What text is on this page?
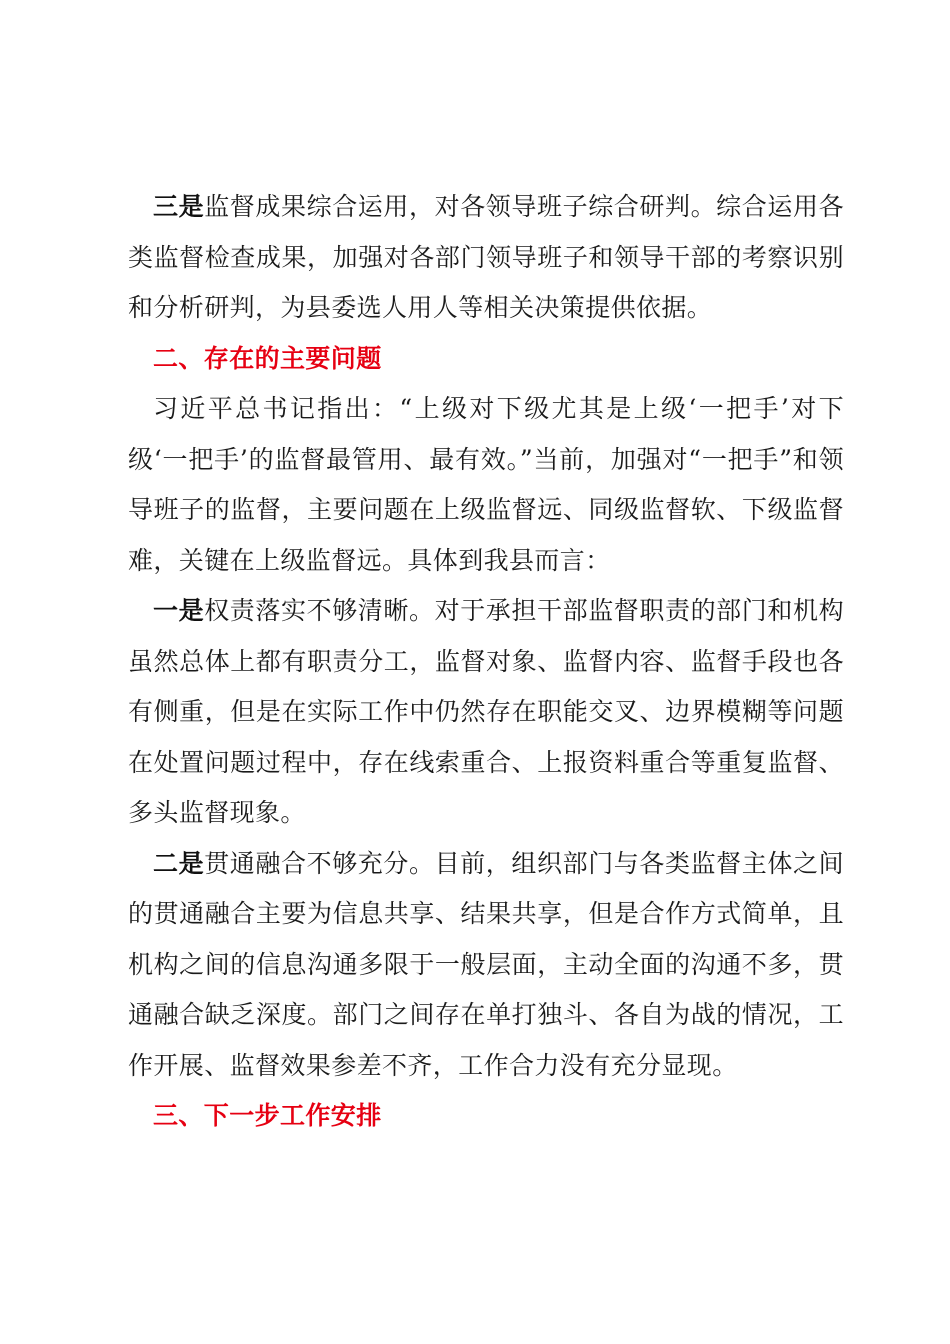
三是监督成果综合运用，对各领导班子综合研判。综合运用各类监督检查成果，加强对各部门领导班子和领导干部的考察识别和分析研判，为县委选人用人等相关决策提供依据。

二、存在的主要问题

习近平总书记指出：“上级对下级尤其是上级‘一把手’对下级‘一把手’的监督最管用、最有效。”当前，加强对“一把手”和领导班子的监督，主要问题在上级监督远、同级监督软、下级监督难，关键在上级监督远。具体到我县而言：

一是权责落实不够清晰。对于承担干部监督职责的部门和机构虽然总体上都有职责分工，监督对象、监督内容、监督手段也各有侧重，但是在实际工作中仍然存在职能交叉、边界模糊等问题在处置问题过程中，存在线索重合、上报资料重合等重复监督、多头监督现象。

二是贯通融合不够充分。目前，组织部门与各类监督主体之间的贯通融合主要为信息共享、结果共享，但是合作方式简单，且机构之间的信息沟通多限于一般层面，主动全面的沟通不多，贯通融合缺乏深度。部门之间存在单打独斗、各自为战的情况，工作开展、监督效果参差不齐，工作合力没有充分显现。

三、下一步工作安排
